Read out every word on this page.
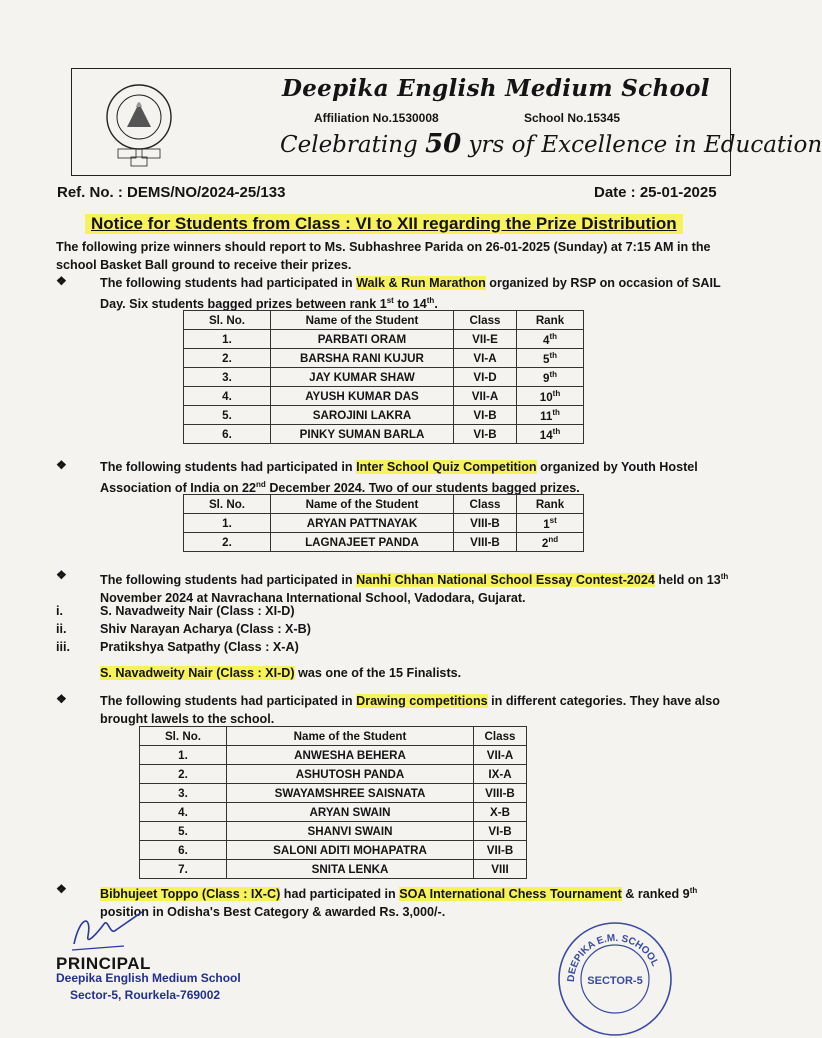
Deepika English Medium School
Affiliation No.1530008	School No.15345
Celebrating 50 yrs of Excellence in Education
Ref. No. : DEMS/NO/2024-25/133	Date : 25-01-2025
Notice for Students from Class : VI to XII regarding the Prize Distribution
The following prize winners should report to Ms. Subhashree Parida on 26-01-2025 (Sunday) at 7:15 AM in the school Basket Ball ground to receive their prizes.
❖	The following students had participated in Walk & Run Marathon organized by RSP on occasion of SAIL Day. Six students bagged prizes between rank 1st to 14th.
Sl. No.	Name of the Student	Class	Rank
1.	PARBATI ORAM	VII-E	4th
2.	BARSHA RANI KUJUR	VI-A	5th
3.	JAY KUMAR SHAW	VI-D	9th
4.	AYUSH KUMAR DAS	VII-A	10th
5.	SAROJINI LAKRA	VI-B	11th
6.	PINKY SUMAN BARLA	VI-B	14th
❖	The following students had participated in Inter School Quiz Competition organized by Youth Hostel Association of India on 22nd December 2024. Two of our students bagged prizes.
Sl. No.	Name of the Student	Class	Rank
1.	ARYAN PATTNAYAK	VIII-B	1st
2.	LAGNAJEET PANDA	VIII-B	2nd
❖	The following students had participated in Nanhi Chhan National School Essay Contest-2024 held on 13th November 2024 at Navrachana International School, Vadodara, Gujarat.
i.	S. Navadweity Nair (Class : XI-D)
ii.	Shiv Narayan Acharya (Class : X-B)
iii. Pratikshya Satpathy (Class : X-A)
S. Navadweity Nair (Class : XI-D) was one of the 15 Finalists.
❖	The following students had participated in Drawing competitions in different categories. They have also brought lawels to the school.
Sl. No.	Name of the Student	Class
1.	ANWESHA BEHERA	VII-A
2.	ASHUTOSH PANDA	IX-A
3.	SWAYAMSHREE SAISNATA	VIII-B
4.	ARYAN SWAIN	X-B
5.	SHANVI SWAIN	VI-B
6.	SALONI ADITI MOHAPATRA	VII-B
7.	SNITA LENKA	VIII
❖	Bibhujeet Toppo (Class : IX-C) had participated in SOA International Chess Tournament & ranked 9th position in Odisha's Best Category & awarded Rs. 3,000/-.
PRINCIPAL
Deepika English Medium School
Sector-5, Rourkela-769002
SECTOR-5
DEEPIKA E.M. SCHOOL
